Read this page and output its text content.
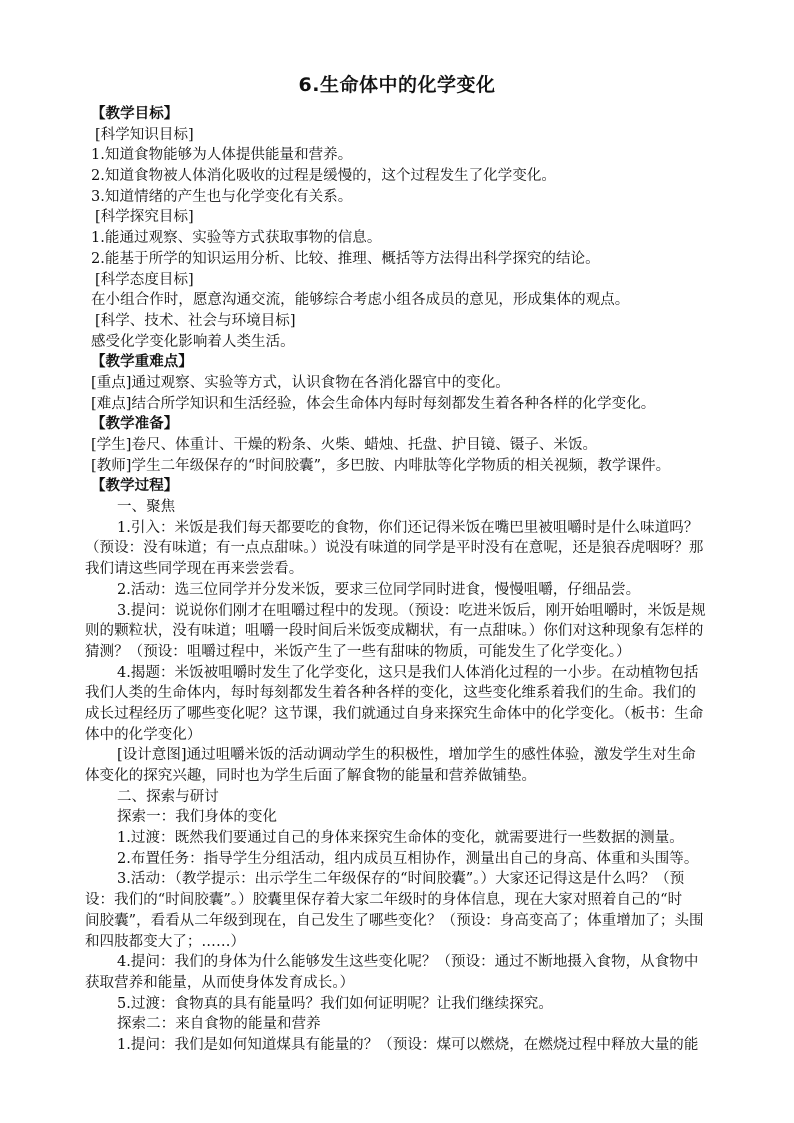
6.生命体中的化学变化
【教学目标】
[科学知识目标]
1.知道食物能够为人体提供能量和营养。
2.知道食物被人体消化吸收的过程是缓慢的，这个过程发生了化学变化。
3.知道情绪的产生也与化学变化有关系。
[科学探究目标]
1.能通过观察、实验等方式获取事物的信息。
2.能基于所学的知识运用分析、比较、推理、概括等方法得出科学探究的结论。
[科学态度目标]
在小组合作时，愿意沟通交流，能够综合考虑小组各成员的意见，形成集体的观点。
[科学、技术、社会与环境目标]
感受化学变化影响着人类生活。
【教学重难点】
[重点]通过观察、实验等方式，认识食物在各消化器官中的变化。
[难点]结合所学知识和生活经验，体会生命体内每时每刻都发生着各种各样的化学变化。
【教学准备】
[学生]卷尺、体重计、干燥的粉条、火柴、蜡烛、托盘、护目镜、镊子、米饭。
[教师]学生二年级保存的“时间胶囊”，多巴胺、内啡肽等化学物质的相关视频，教学课件。
【教学过程】
一、聚焦
1.引入：米饭是我们每天都要吃的食物，你们还记得米饭在嘴巴里被咀嚼时是什么味道吗？
（预设：没有味道；有一点点甜味。）说没有味道的同学是平时没有在意呢，还是狼吞虎咽呀？那
我们请这些同学现在再来尝尝看。
2.活动：选三位同学并分发米饭，要求三位同学同时进食，慢慢咀嚼，仔细品尝。
3.提问：说说你们刚才在咀嚼过程中的发现。（预设：吃进米饭后，刚开始咀嚼时，米饭是规
则的颗粒状，没有味道；咀嚼一段时间后米饭变成糊状，有一点甜味。）你们对这种现象有怎样的
猜测？（预设：咀嚼过程中，米饭产生了一些有甜味的物质，可能发生了化学变化。）
4.揭题：米饭被咀嚼时发生了化学变化，这只是我们人体消化过程的一小步。在动植物包括
我们人类的生命体内，每时每刻都发生着各种各样的变化，这些变化维系着我们的生命。我们的
成长过程经历了哪些变化呢？这节课，我们就通过自身来探究生命体中的化学变化。（板书：生命
体中的化学变化）
[设计意图]通过咀嚼米饭的活动调动学生的积极性，增加学生的感性体验，激发学生对生命
体变化的探究兴趣，同时也为学生后面了解食物的能量和营养做铺垫。
二、探索与研讨
探索一：我们身体的变化
1.过渡：既然我们要通过自己的身体来探究生命体的变化，就需要进行一些数据的测量。
2.布置任务：指导学生分组活动，组内成员互相协作，测量出自己的身高、体重和头围等。
3.活动：（教学提示：出示学生二年级保存的“时间胶囊”。）大家还记得这是什么吗？（预
设：我们的“时间胶囊”。）胶囊里保存着大家二年级时的身体信息，现在大家对照着自己的“时
间胶囊”，看看从二年级到现在，自己发生了哪些变化？（预设：身高变高了；体重增加了；头围
和四肢都变大了；……）
4.提问：我们的身体为什么能够发生这些变化呢？（预设：通过不断地摄入食物，从食物中
获取营养和能量，从而使身体发育成长。）
5.过渡：食物真的具有能量吗？我们如何证明呢？让我们继续探究。
探索二：来自食物的能量和营养
1.提问：我们是如何知道煤具有能量的？（预设：煤可以燃烧，在燃烧过程中释放大量的能
